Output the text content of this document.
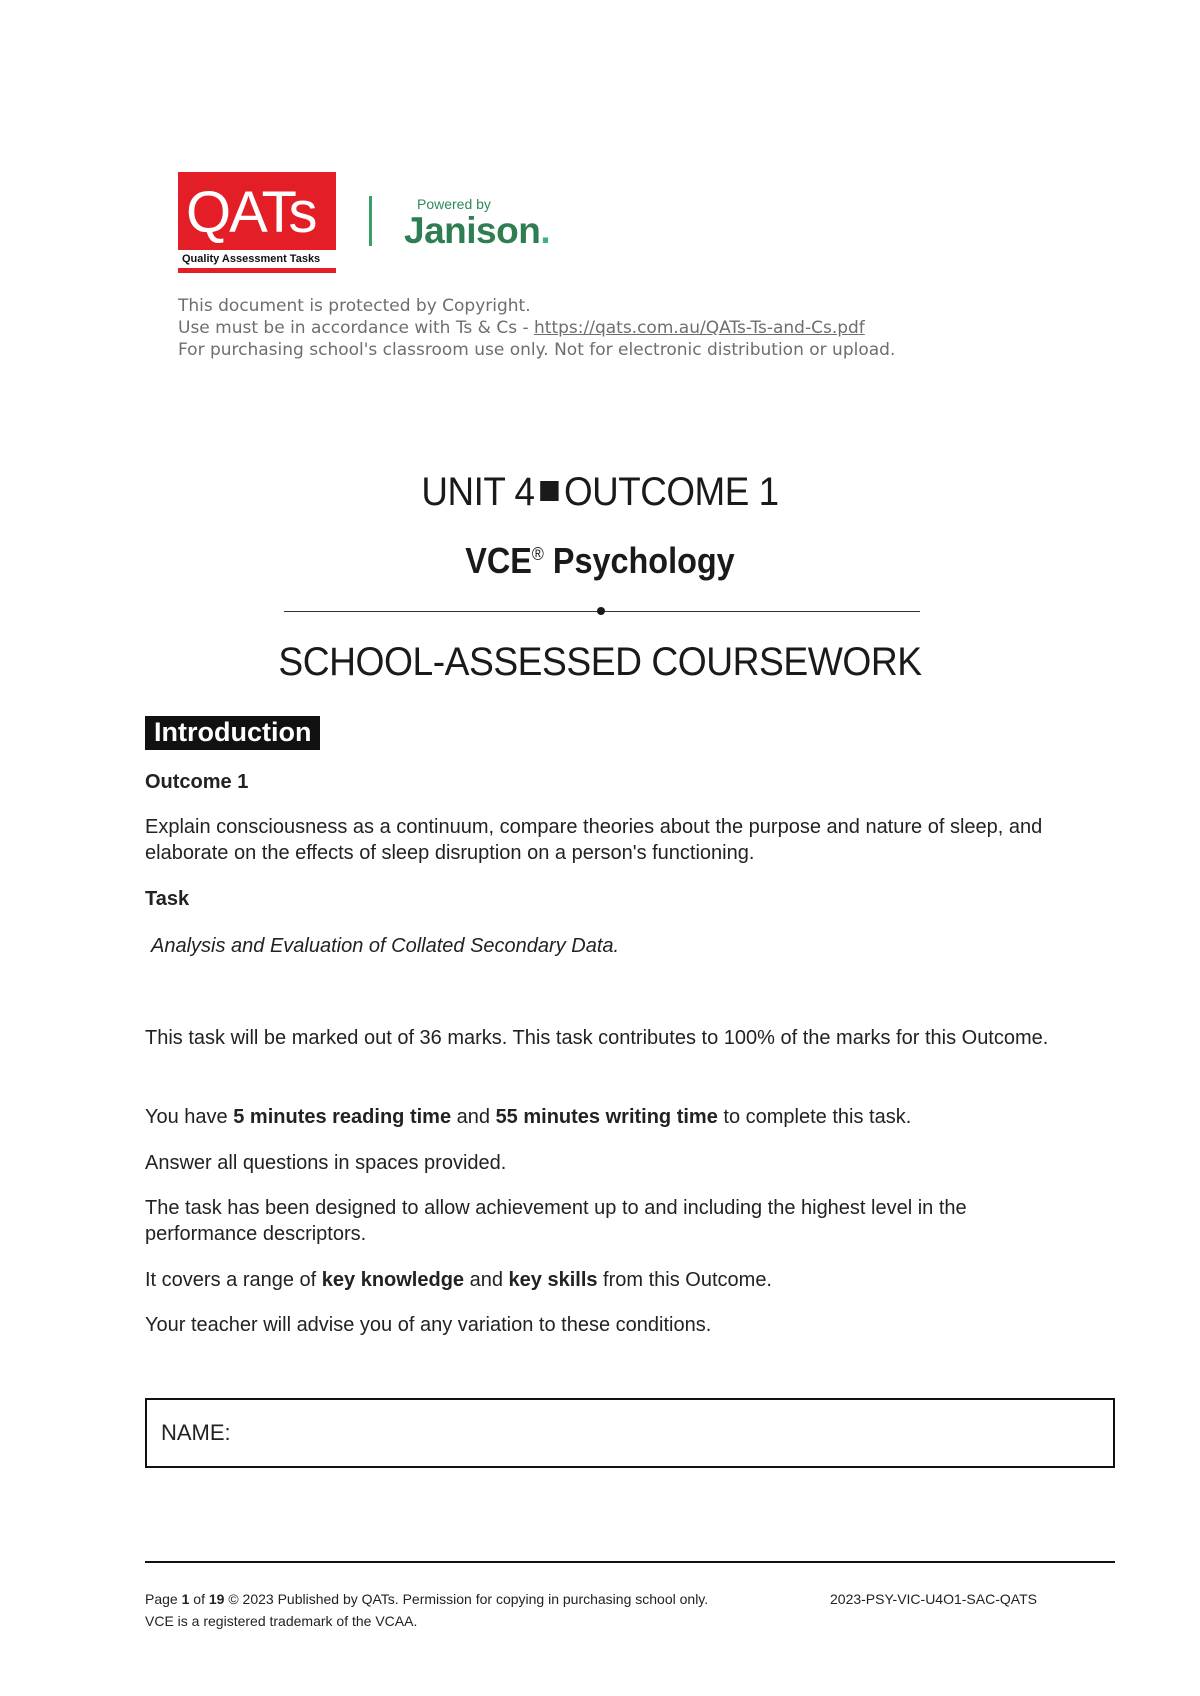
QATs
Quality Assessment Tasks
Powered by
Janison.
This document is protected by Copyright.
Use must be in accordance with Ts & Cs - https://qats.com.au/QATs-Ts-and-Cs.pdf
For purchasing school's classroom use only. Not for electronic distribution or upload.
UNIT 4 OUTCOME 1
VCE® Psychology
SCHOOL-ASSESSED COURSEWORK
Introduction
Outcome 1
Explain consciousness as a continuum, compare theories about the purpose and nature of sleep, and elaborate on the effects of sleep disruption on a person's functioning.
Task
Analysis and Evaluation of Collated Secondary Data.
This task will be marked out of 36 marks. This task contributes to 100% of the marks for this Outcome.
You have 5 minutes reading time and 55 minutes writing time to complete this task.
Answer all questions in spaces provided.
The task has been designed to allow achievement up to and including the highest level in the performance descriptors.
It covers a range of key knowledge and key skills from this Outcome.
Your teacher will advise you of any variation to these conditions.
NAME:
Page 1 of 19 © 2023 Published by QATs. Permission for copying in purchasing school only.	2023-PSY-VIC-U4O1-SAC-QATS
VCE is a registered trademark of the VCAA.
